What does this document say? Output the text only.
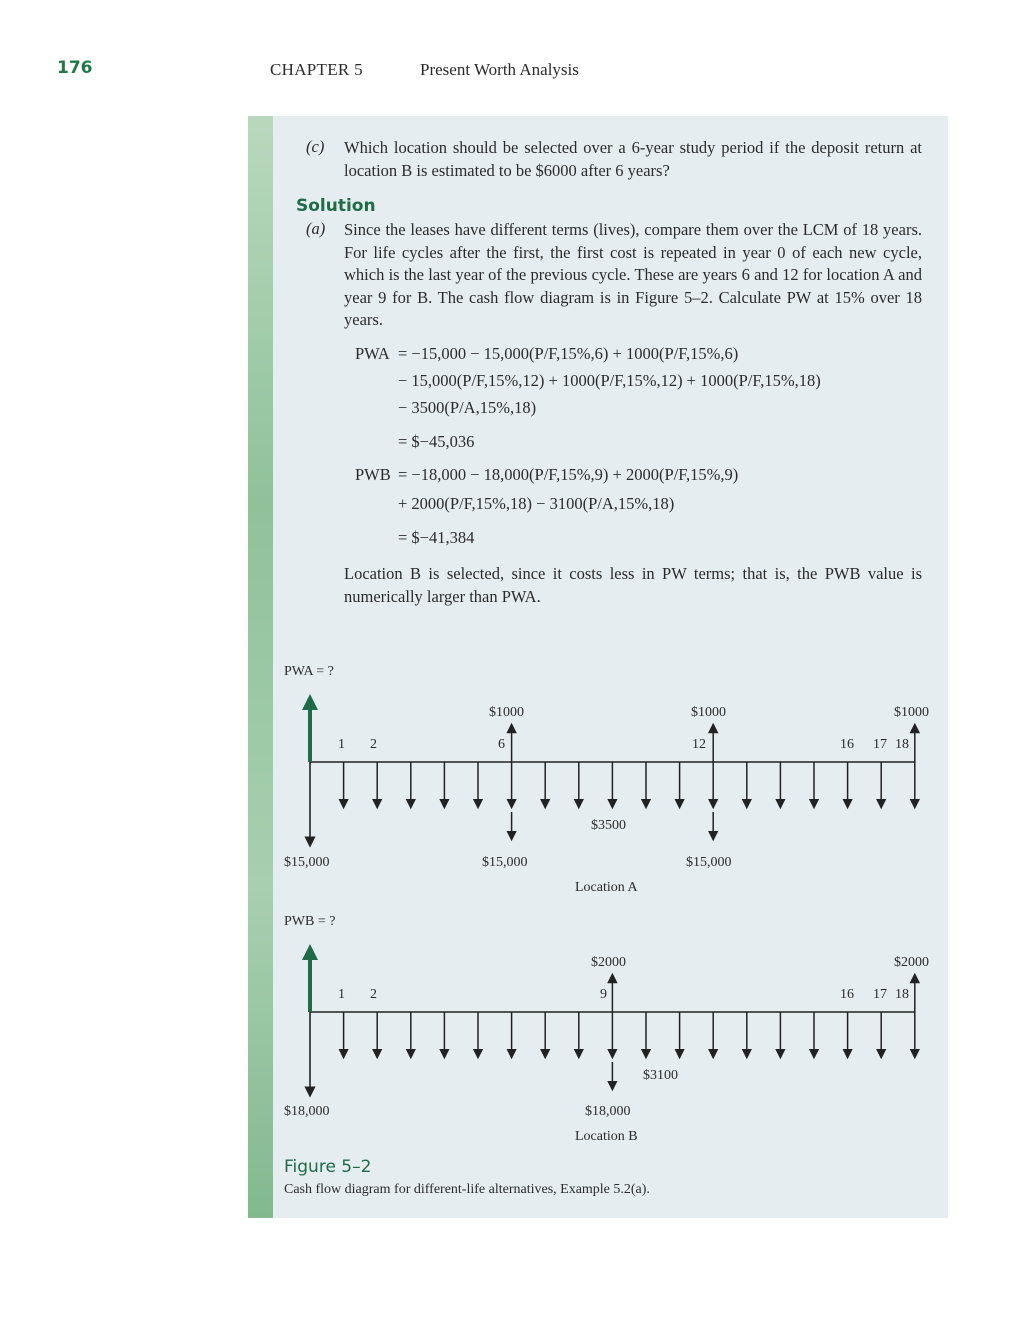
176	CHAPTER 5	Present Worth Analysis
(c) Which location should be selected over a 6-year study period if the deposit return at location B is estimated to be $6000 after 6 years?
Solution
(a) Since the leases have different terms (lives), compare them over the LCM of 18 years. For life cycles after the first, the first cost is repeated in year 0 of each new cycle, which is the last year of the previous cycle. These are years 6 and 12 for location A and year 9 for B. The cash flow diagram is in Figure 5–2. Calculate PW at 15% over 18 years.
PWA = −15,000 − 15,000(P/F,15%,6) + 1000(P/F,15%,6)
− 15,000(P/F,15%,12) + 1000(P/F,15%,12) + 1000(P/F,15%,18)
− 3500(P/A,15%,18)
= $−45,036
PWB = −18,000 − 18,000(P/F,15%,9) + 2000(P/F,15%,9)
+ 2000(P/F,15%,18) − 3100(P/A,15%,18)
= $−41,384
Location B is selected, since it costs less in PW terms; that is, the PWB value is numerically larger than PWA.
PWA = ?
$1000	$1000	$1000
1 2	6	12	16 17 18
$3500
$15,000	$15,000	$15,000
Location A
PWB = ?
$2000	$2000
1 2	9	16 17 18
$3100
$18,000	$18,000
Location B
Figure 5–2
Cash flow diagram for different-life alternatives, Example 5.2(a).
